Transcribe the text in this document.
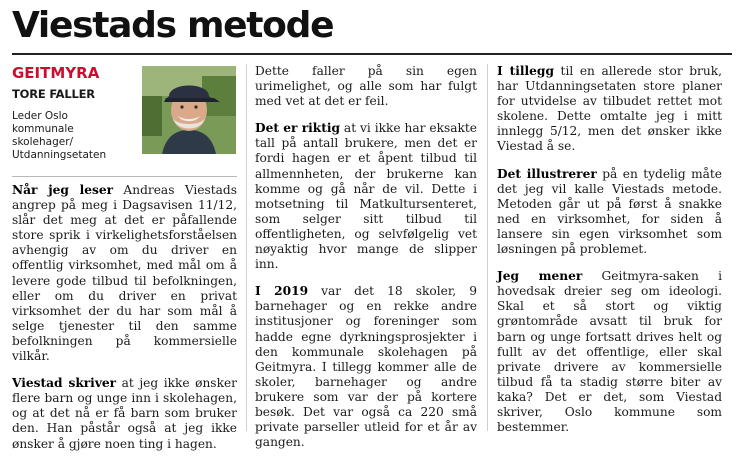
Viestads metode
GEITMYRA
TORE FALLER
Leder Oslo kommunale skolehager/ Utdanningsetaten

Når jeg leser Andreas Viestads angrep på meg i Dagsavisen 11/12, slår det meg at det er påfallende store sprik i virkelighetsforståelsen avhengig av om du driver en offentlig virksomhet, med mål om å levere gode tilbud til befolkningen, eller om du driver en privat virksomhet der du har som mål å selge tjenester til den samme befolkningen på kommersielle vilkår.

Viestad skriver at jeg ikke ønsker flere barn og unge inn i skolehagen, og at det nå er få barn som bruker den. Han påstår også at jeg ikke ønsker å gjøre noen ting i hagen.

Dette faller på sin egen urimelighet, og alle som har fulgt med vet at det er feil.

Det er riktig at vi ikke har eksakte tall på antall brukere, men det er fordi hagen er et åpent tilbud til allmennheten, der brukerne kan komme og gå når de vil. Dette i motsetning til Matkultursenteret, som selger sitt tilbud til offentligheten, og selvfølgelig vet nøyaktig hvor mange de slipper inn.

I 2019 var det 18 skoler, 9 barnehager og en rekke andre institusjoner og foreninger som hadde egne dyrkningsprosjekter i den kommunale skolehagen på Geitmyra. I tillegg kommer alle de skoler, barnehager og andre brukere som var der på kortere besøk. Det var også ca 220 små private parseller utleid for et år av gangen.

I tillegg til en allerede stor bruk, har Utdanningsetaten store planer for utvidelse av tilbudet rettet mot skolene. Dette omtalte jeg i mitt innlegg 5/12, men det ønsker ikke Viestad å se.

Det illustrerer på en tydelig måte det jeg vil kalle Viestads metode. Metoden går ut på først å snakke ned en virksomhet, for siden å lansere sin egen virksomhet som løsningen på problemet.

Jeg mener Geitmyra-saken i hovedsak dreier seg om ideologi. Skal et så stort og viktig grøntområde avsatt til bruk for barn og unge fortsatt drives helt og fullt av det offentlige, eller skal private drivere av kommersielle tilbud få ta stadig større biter av kaka? Det er det, som Viestad skriver, Oslo kommune som bestemmer.
